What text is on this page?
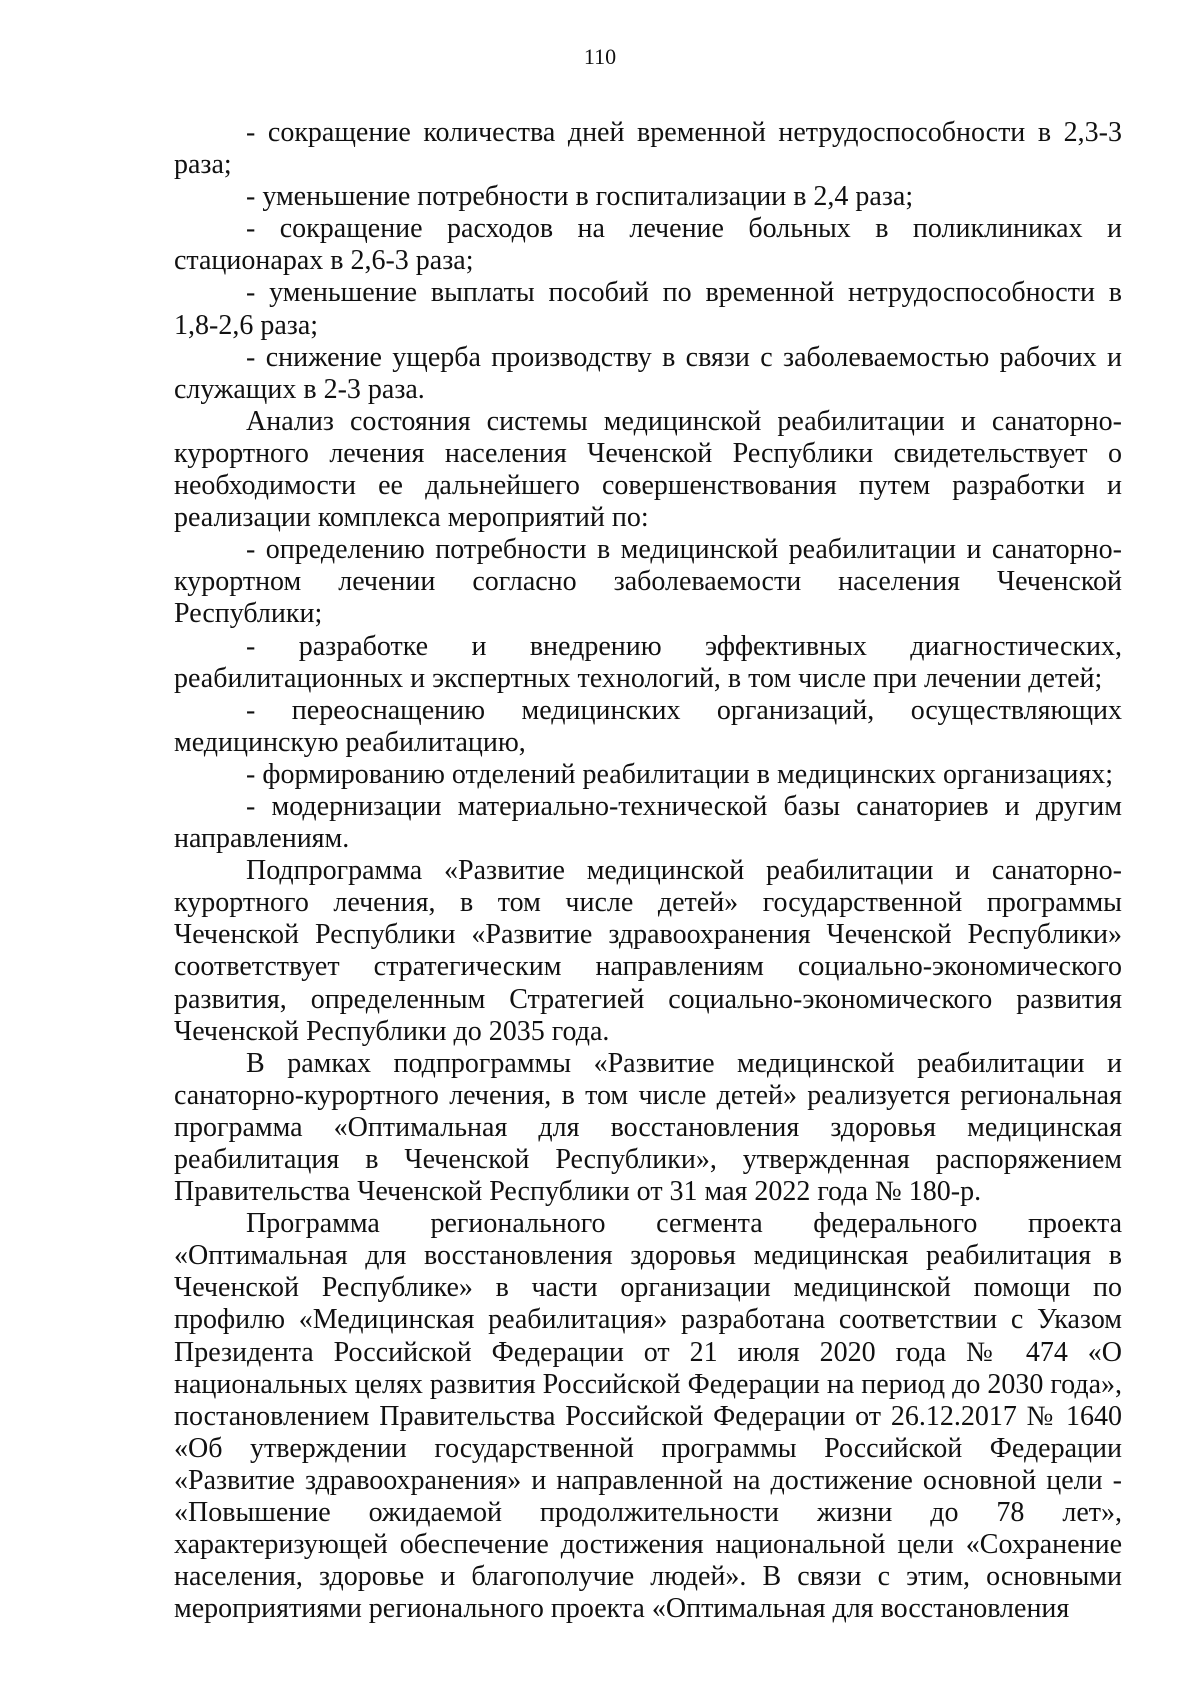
110

- сокращение количества дней временной нетрудоспособности в 2,3-3 раза;

- уменьшение потребности в госпитализации в 2,4 раза;

- сокращение расходов на лечение больных в поликлиниках и стационарах в 2,6-3 раза;

- уменьшение выплаты пособий по временной нетрудоспособности в 1,8-2,6 раза;

- снижение ущерба производству в связи с заболеваемостью рабочих и служащих в 2-3 раза.

Анализ состояния системы медицинской реабилитации и санаторно-курортного лечения населения Чеченской Республики свидетельствует о необходимости ее дальнейшего совершенствования путем разработки и реализации комплекса мероприятий по:

- определению потребности в медицинской реабилитации и санаторно-курортном лечении согласно заболеваемости населения Чеченской Республики;

- разработке и внедрению эффективных диагностических, реабилитационных и экспертных технологий, в том числе при лечении детей;

- переоснащению медицинских организаций, осуществляющих медицинскую реабилитацию,

- формированию отделений реабилитации в медицинских организациях;

- модернизации материально-технической базы санаториев и другим направлениям.

Подпрограмма «Развитие медицинской реабилитации и санаторно-курортного лечения, в том числе детей» государственной программы Чеченской Республики «Развитие здравоохранения Чеченской Республики» соответствует стратегическим направлениям социально-экономического развития, определенным Стратегией социально-экономического развития Чеченской Республики до 2035 года.

В рамках подпрограммы «Развитие медицинской реабилитации и санаторно-курортного лечения, в том числе детей» реализуется региональная программа «Оптимальная для восстановления здоровья медицинская реабилитация в Чеченской Республики», утвержденная распоряжением Правительства Чеченской Республики от 31 мая 2022 года № 180-р.

Программа регионального сегмента федерального проекта «Оптимальная для восстановления здоровья медицинская реабилитация в Чеченской Республике» в части организации медицинской помощи по профилю «Медицинская реабилитация» разработана соответствии с Указом Президента Российской Федерации от 21 июля 2020 года № 474 «О национальных целях развития Российской Федерации на период до 2030 года», постановлением Правительства Российской Федерации от 26.12.2017 № 1640 «Об утверждении государственной программы Российской Федерации «Развитие здравоохранения» и направленной на достижение основной цели - «Повышение ожидаемой продолжительности жизни до 78 лет», характеризующей обеспечение достижения национальной цели «Сохранение населения, здоровье и благополучие людей». В связи с этим, основными мероприятиями регионального проекта «Оптимальная для восстановления
